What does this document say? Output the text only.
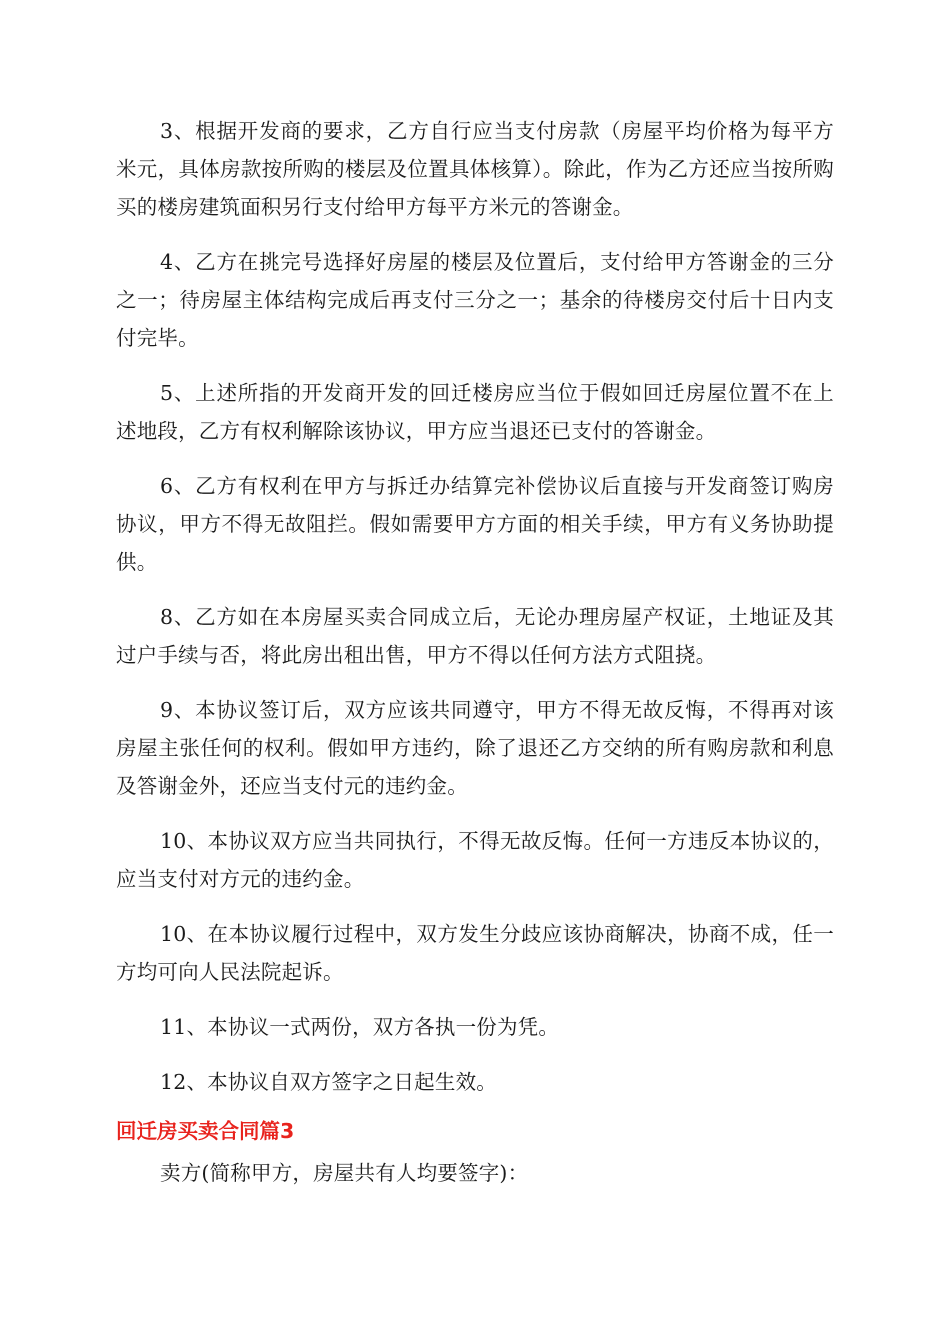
3、根据开发商的要求，乙方自行应当支付房款（房屋平均价格为每平方米元，具体房款按所购的楼层及位置具体核算）。除此，作为乙方还应当按所购买的楼房建筑面积另行支付给甲方每平方米元的答谢金。

4、乙方在挑完号选择好房屋的楼层及位置后，支付给甲方答谢金的三分之一；待房屋主体结构完成后再支付三分之一；基余的待楼房交付后十日内支付完毕。

5、上述所指的开发商开发的回迁楼房应当位于假如回迁房屋位置不在上述地段，乙方有权利解除该协议，甲方应当退还已支付的答谢金。

6、乙方有权利在甲方与拆迁办结算完补偿协议后直接与开发商签订购房协议，甲方不得无故阻拦。假如需要甲方方面的相关手续，甲方有义务协助提供。

8、乙方如在本房屋买卖合同成立后，无论办理房屋产权证，土地证及其过户手续与否，将此房出租出售，甲方不得以任何方法方式阻挠。

9、本协议签订后，双方应该共同遵守，甲方不得无故反悔，不得再对该房屋主张任何的权利。假如甲方违约，除了退还乙方交纳的所有购房款和利息及答谢金外，还应当支付元的违约金。

10、本协议双方应当共同执行，不得无故反悔。任何一方违反本协议的，应当支付对方元的违约金。

10、在本协议履行过程中，双方发生分歧应该协商解决，协商不成，任一方均可向人民法院起诉。

11、本协议一式两份，双方各执一份为凭。

12、本协议自双方签字之日起生效。

回迁房买卖合同篇3

卖方(简称甲方，房屋共有人均要签字)：
